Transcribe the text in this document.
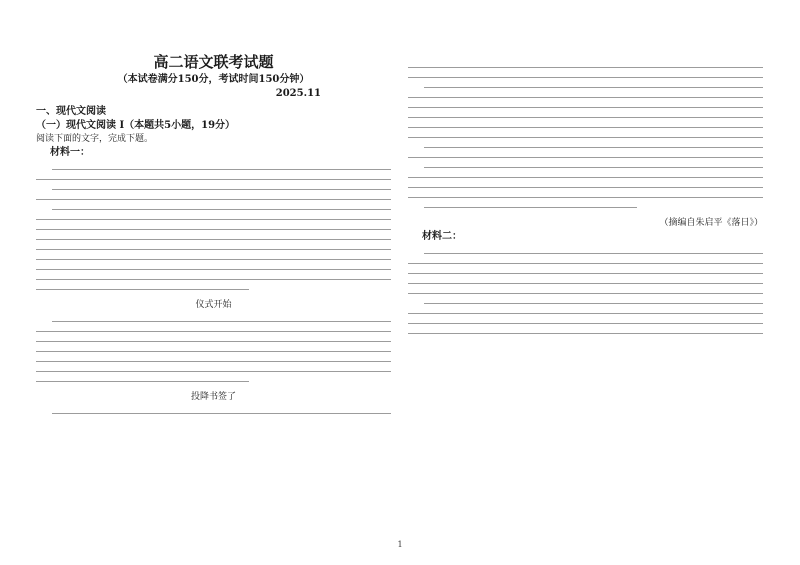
高二语文联考试题
（本试卷满分150分，考试时间150分钟）
2025.11
一、现代文阅读
（一）现代文阅读 I（本题共5小题，19分）
阅读下面的文字，完成下题。
材料一：
仪式开始
投降书签了
（摘编自朱启平《落日》）
材料二：
1
